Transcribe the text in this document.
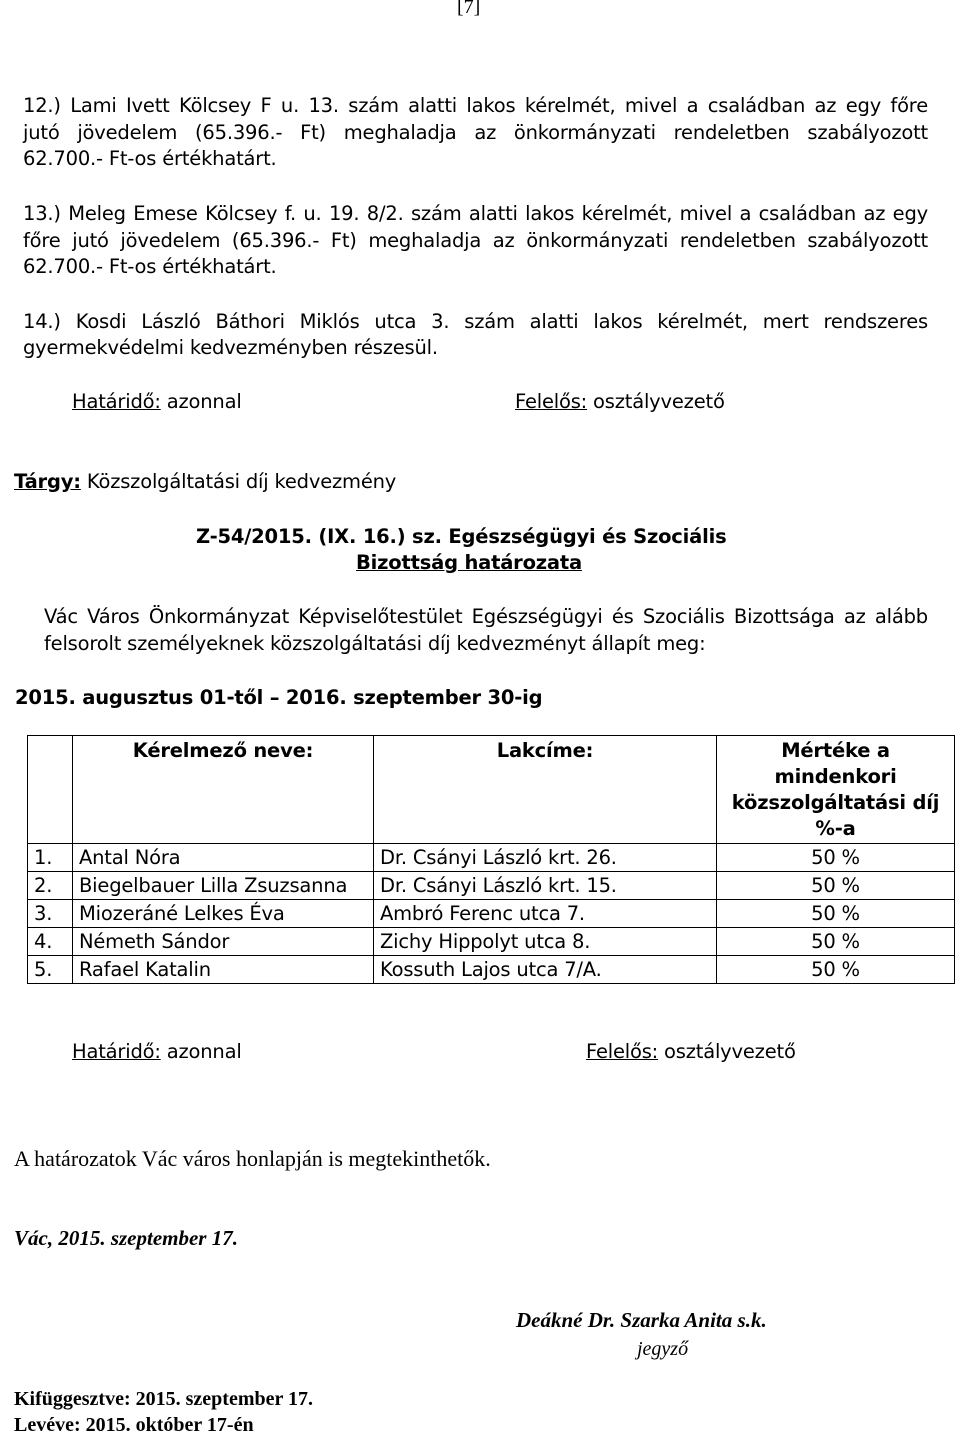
[7]
12.) Lami Ivett Kölcsey F u. 13. szám alatti lakos kérelmét, mivel a családban az egy főre
jutó jövedelem (65.396.- Ft) meghaladja az önkormányzati rendeletben szabályozott
62.700.- Ft-os értékhatárt.
13.) Meleg Emese Kölcsey f. u. 19. 8/2. szám alatti lakos kérelmét, mivel a családban az egy
főre jutó jövedelem (65.396.- Ft) meghaladja az önkormányzati rendeletben szabályozott
62.700.- Ft-os értékhatárt.
14.) Kosdi László Báthori Miklós utca 3. szám alatti lakos kérelmét, mert rendszeres
gyermekvédelmi kedvezményben részesül.
Határidő: azonnal	Felelős: osztályvezető
Tárgy: Közszolgáltatási díj kedvezmény
Z-54/2015. (IX. 16.) sz. Egészségügyi és Szociális
Bizottság határozata
Vác Város Önkormányzat Képviselőtestület Egészségügyi és Szociális Bizottsága az alább
felsorolt személyeknek közszolgáltatási díj kedvezményt állapít meg:
2015. augusztus 01-től – 2016. szeptember 30-ig
	Kérelmező neve:	Lakcíme:	Mértéke a mindenkori közszolgáltatási díj %-a
1.	Antal Nóra	Dr. Csányi László krt. 26.	50 %
2.	Biegelbauer Lilla Zsuzsanna	Dr. Csányi László krt. 15.	50 %
3.	Miozeráné Lelkes Éva	Ambró Ferenc utca 7.	50 %
4.	Németh Sándor	Zichy Hippolyt utca 8.	50 %
5.	Rafael Katalin	Kossuth Lajos utca 7/A.	50 %
Határidő: azonnal	Felelős: osztályvezető
A határozatok Vác város honlapján is megtekinthetők.
Vác, 2015. szeptember 17.
Deákné Dr. Szarka Anita s.k.
jegyző
Kifüggesztve: 2015. szeptember 17.
Levéve: 2015. október 17-én
